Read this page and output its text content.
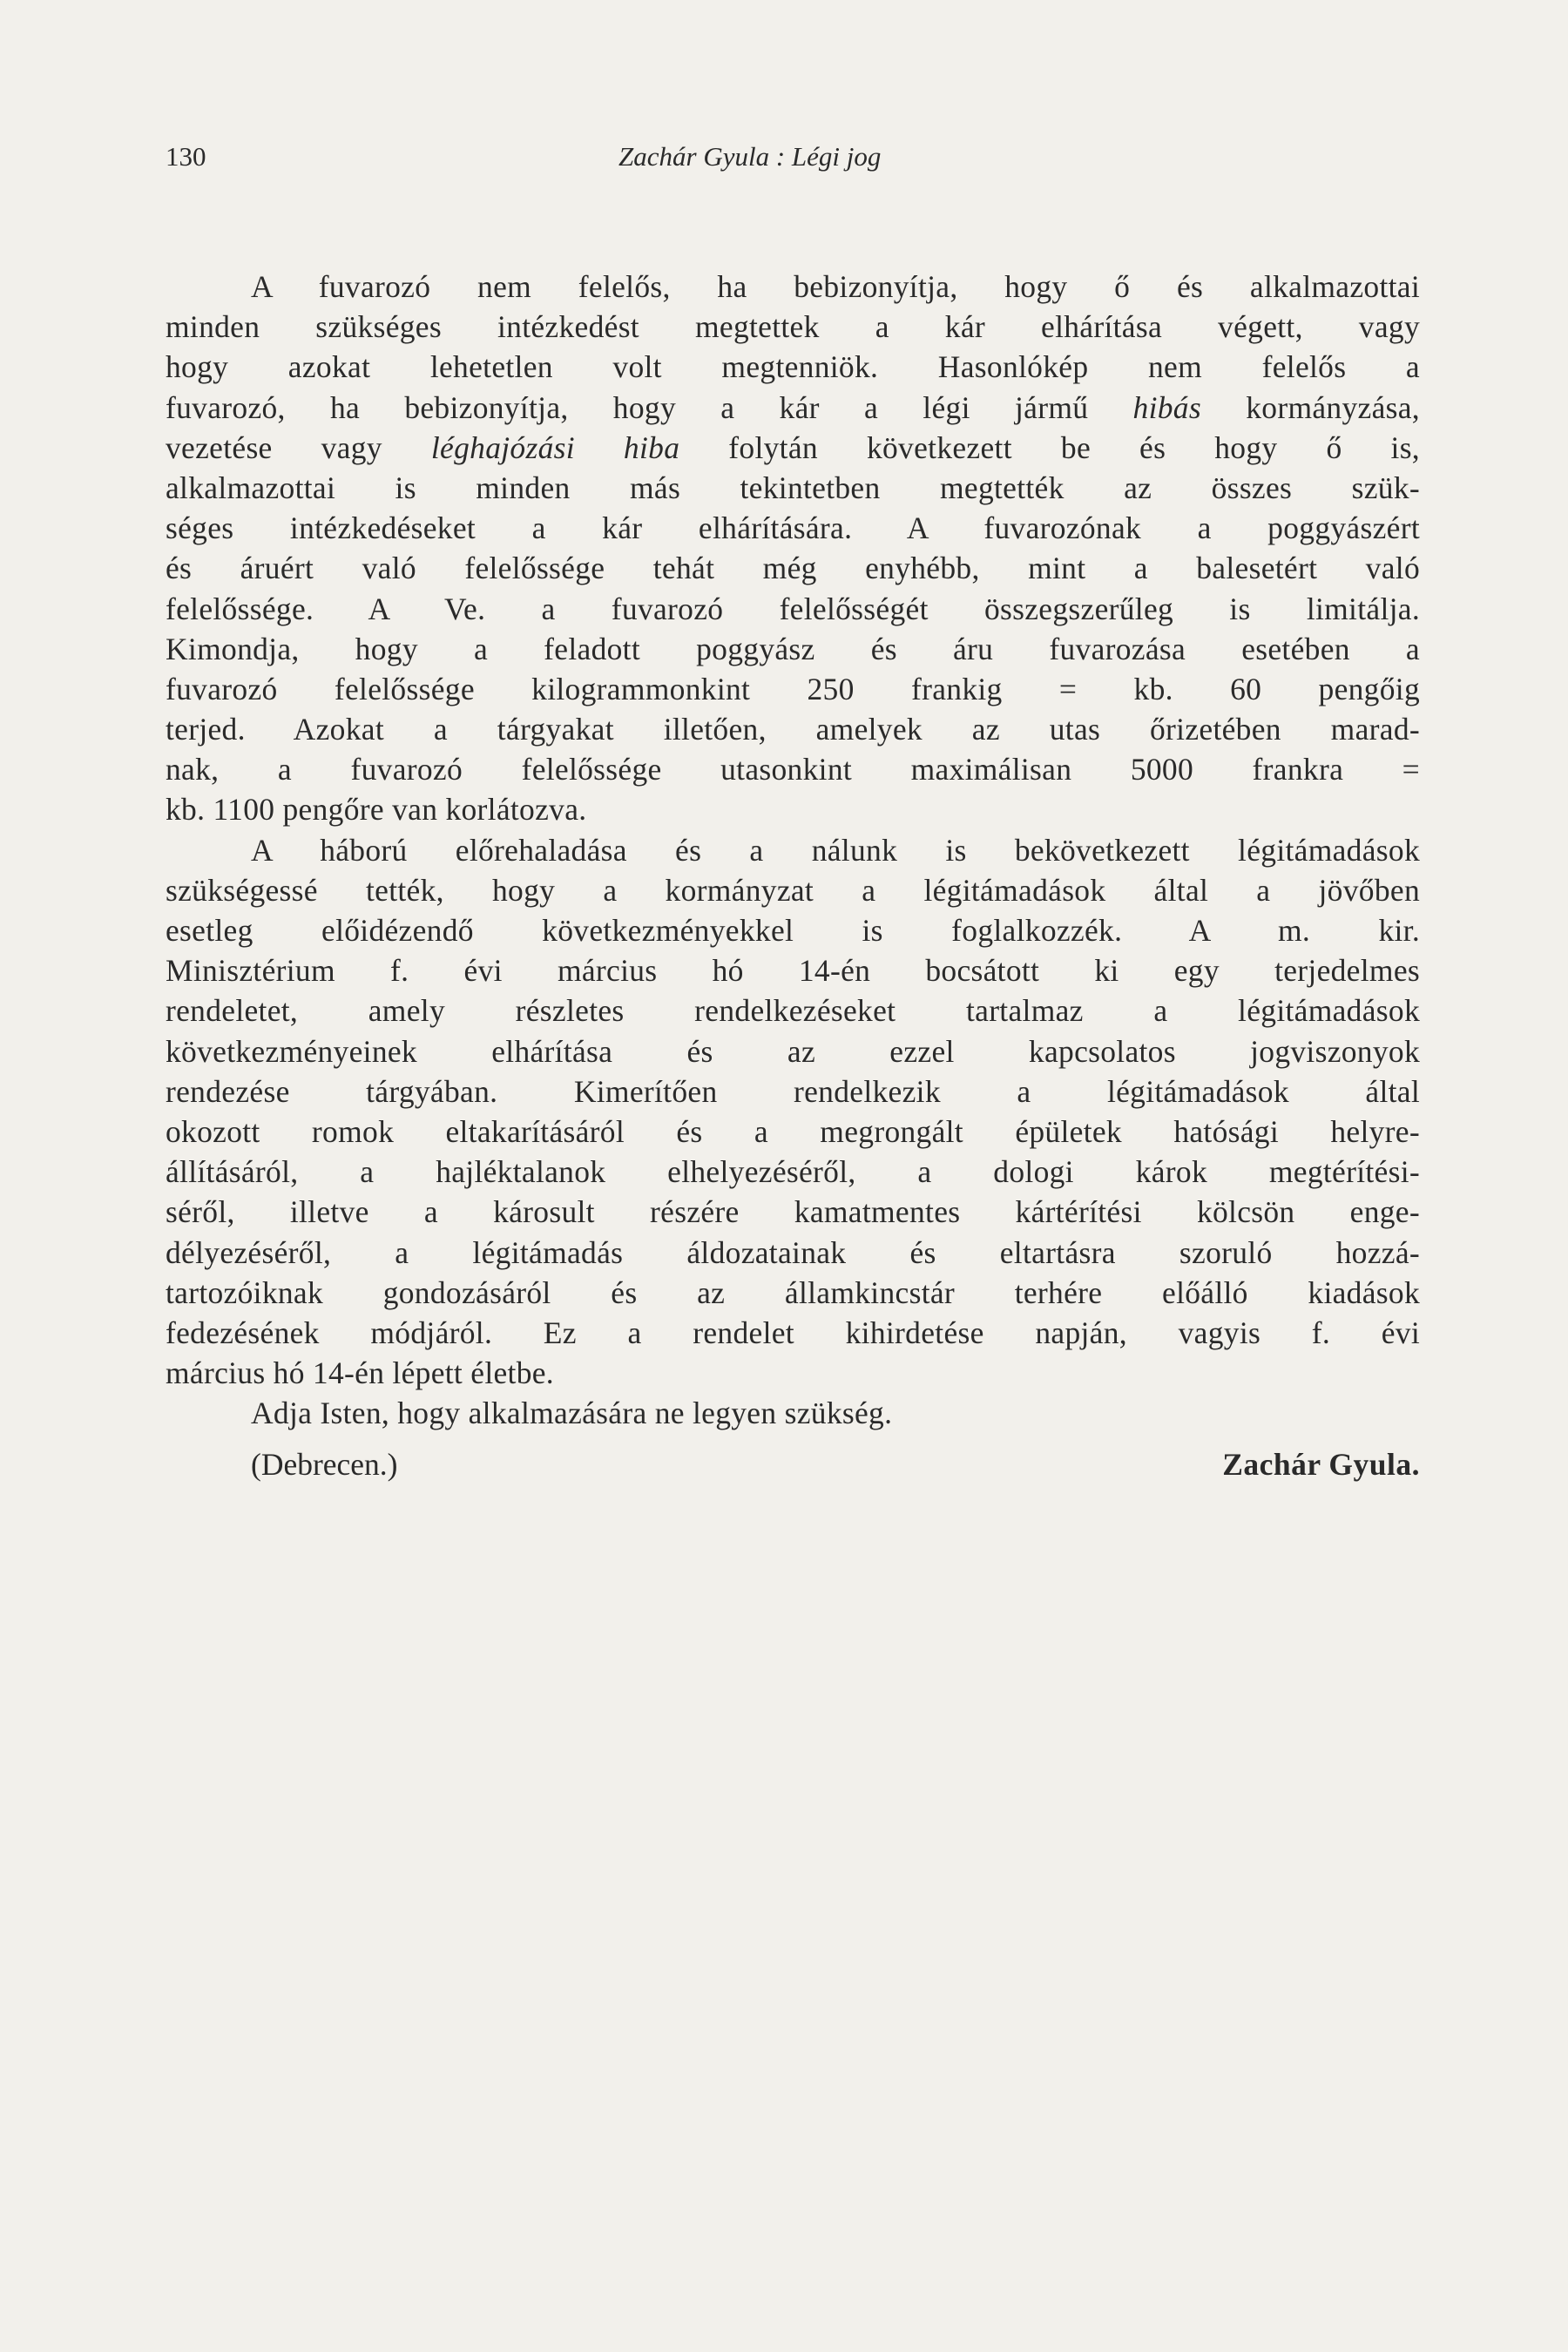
130	Zachár Gyula : Légi jog
A fuvarozó nem felelős, ha bebizonyítja, hogy ő és alkalmazottai
minden szükséges intézkedést megtettek a kár elhárítása végett, vagy
hogy azokat lehetetlen volt megtenniök. Hasonlókép nem felelős a
fuvarozó, ha bebizonyítja, hogy a kár a légi jármű hibás kormányzása,
vezetése vagy léghajózási hiba folytán következett be és hogy ő is,
alkalmazottai is minden más tekintetben megtették az összes szük-
séges intézkedéseket a kár elhárítására. A fuvarozónak a poggyászért
és áruért való felelőssége tehát még enyhébb, mint a balesetért való
felelőssége. A Ve. a fuvarozó felelősségét összegszerűleg is limitálja.
Kimondja, hogy a feladott poggyász és áru fuvarozása esetében a
fuvarozó felelőssége kilogrammonkint 250 frankig = kb. 60 pengőig
terjed. Azokat a tárgyakat illetően, amelyek az utas őrizetében marad-
nak, a fuvarozó felelőssége utasonkint maximálisan 5000 frankra =
kb. 1100 pengőre van korlátozva.
A háború előrehaladása és a nálunk is bekövetkezett légitámadások
szükségessé tették, hogy a kormányzat a légitámadások által a jövőben
esetleg előidézendő következményekkel is foglalkozzék. A m. kir.
Minisztérium f. évi március hó 14-én bocsátott ki egy terjedelmes
rendeletet, amely részletes rendelkezéseket tartalmaz a légitámadások
következményeinek elhárítása és az ezzel kapcsolatos jogviszonyok
rendezése tárgyában. Kimerítően rendelkezik a légitámadások által
okozott romok eltakarításáról és a megrongált épületek hatósági helyre-
állításáról, a hajléktalanok elhelyezéséről, a dologi károk megtérítési-
séről, illetve a károsult részére kamatmentes kártérítési kölcsön enge-
délyezéséről, a légitámadás áldozatainak és eltartásra szoruló hozzá-
tartozóiknak gondozásáról és az államkincstár terhére előálló kiadások
fedezésének módjáról. Ez a rendelet kihirdetése napján, vagyis f. évi
március hó 14-én lépett életbe.
Adja Isten, hogy alkalmazására ne legyen szükség.
(Debrecen.)	Zachár Gyula.
